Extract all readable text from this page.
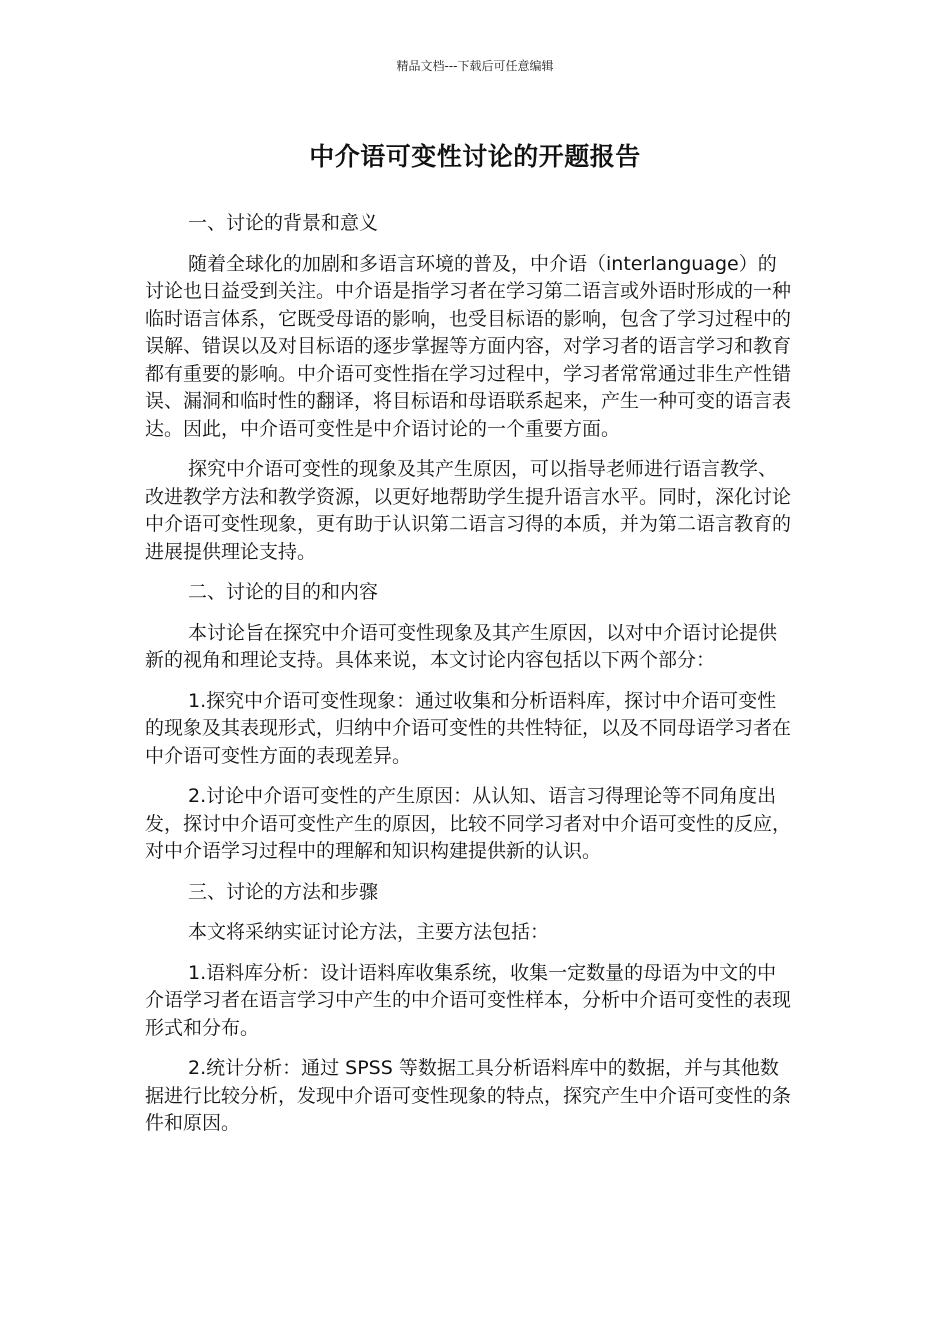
精品文档---下载后可任意编辑
中介语可变性讨论的开题报告

一、讨论的背景和意义

随着全球化的加剧和多语言环境的普及，中介语（interlanguage）的讨论也日益受到关注。中介语是指学习者在学习第二语言或外语时形成的一种临时语言体系，它既受母语的影响，也受目标语的影响，包含了学习过程中的误解、错误以及对目标语的逐步掌握等方面内容，对学习者的语言学习和教育都有重要的影响。中介语可变性指在学习过程中，学习者常常通过非生产性错误、漏洞和临时性的翻译，将目标语和母语联系起来，产生一种可变的语言表达。因此，中介语可变性是中介语讨论的一个重要方面。

探究中介语可变性的现象及其产生原因，可以指导老师进行语言教学、改进教学方法和教学资源，以更好地帮助学生提升语言水平。同时，深化讨论中介语可变性现象，更有助于认识第二语言习得的本质，并为第二语言教育的进展提供理论支持。

二、讨论的目的和内容

本讨论旨在探究中介语可变性现象及其产生原因，以对中介语讨论提供新的视角和理论支持。具体来说，本文讨论内容包括以下两个部分：

1.探究中介语可变性现象：通过收集和分析语料库，探讨中介语可变性的现象及其表现形式，归纳中介语可变性的共性特征，以及不同母语学习者在中介语可变性方面的表现差异。

2.讨论中介语可变性的产生原因：从认知、语言习得理论等不同角度出发，探讨中介语可变性产生的原因，比较不同学习者对中介语可变性的反应，对中介语学习过程中的理解和知识构建提供新的认识。

三、讨论的方法和步骤

本文将采纳实证讨论方法，主要方法包括：

1.语料库分析：设计语料库收集系统，收集一定数量的母语为中文的中介语学习者在语言学习中产生的中介语可变性样本，分析中介语可变性的表现形式和分布。

2.统计分析：通过 SPSS 等数据工具分析语料库中的数据，并与其他数据进行比较分析，发现中介语可变性现象的特点，探究产生中介语可变性的条件和原因。
